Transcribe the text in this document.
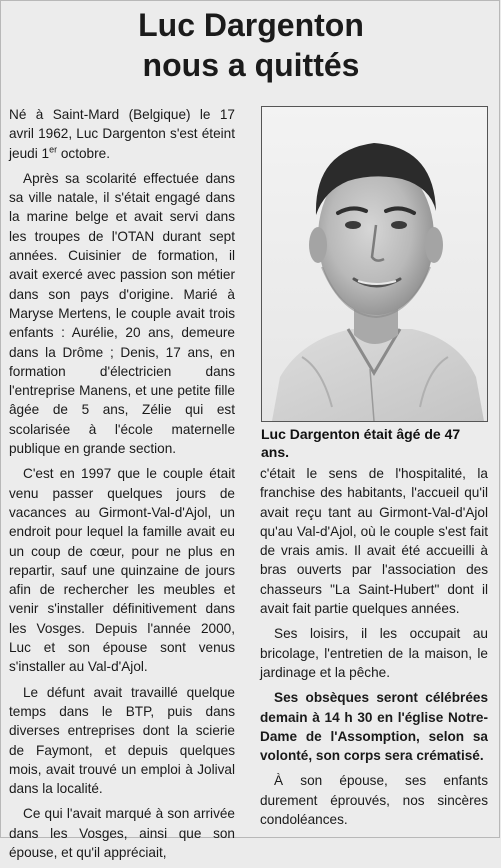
Luc Dargenton
nous a quittés

Né à Saint-Mard (Belgique) le 17 avril 1962, Luc Dargenton s'est éteint jeudi 1er octobre.

Après sa scolarité effectuée dans sa ville natale, il s'était engagé dans la marine belge et avait servi dans les troupes de l'OTAN durant sept années. Cuisinier de formation, il avait exercé avec passion son métier dans son pays d'origine. Marié à Maryse Mertens, le couple avait trois enfants : Aurélie, 20 ans, demeure dans la Drôme ; Denis, 17 ans, en formation d'électricien dans l'entreprise Manens, et une petite fille âgée de 5 ans, Zélie qui est scolarisée à l'école maternelle publique en grande section.

C'est en 1997 que le couple était venu passer quelques jours de vacances au Girmont-Val-d'Ajol, un endroit pour lequel la famille avait eu un coup de cœur, pour ne plus en repartir, sauf une quinzaine de jours afin de rechercher les meubles et venir s'installer définitivement dans les Vosges. Depuis l'année 2000, Luc et son épouse sont venus s'installer au Val-d'Ajol.

Le défunt avait travaillé quelque temps dans le BTP, puis dans diverses entreprises dont la scierie de Faymont, et depuis quelques mois, avait trouvé un emploi à Jolival dans la localité.

Ce qui l'avait marqué à son arrivée dans les Vosges, ainsi que son épouse, et qu'il appréciait,

Luc Dargenton était âgé de 47 ans.

c'était le sens de l'hospitalité, la franchise des habitants, l'accueil qu'il avait reçu tant au Girmont-Val-d'Ajol qu'au Val-d'Ajol, où le couple s'est fait de vrais amis. Il avait été accueilli à bras ouverts par l'association des chasseurs "La Saint-Hubert" dont il avait fait partie quelques années.

Ses loisirs, il les occupait au bricolage, l'entretien de la maison, le jardinage et la pêche.

Ses obsèques seront célébrées demain à 14 h 30 en l'église Notre-Dame de l'Assomption, selon sa volonté, son corps sera crématisé.

À son épouse, ses enfants durement éprouvés, nos sincères condoléances.
